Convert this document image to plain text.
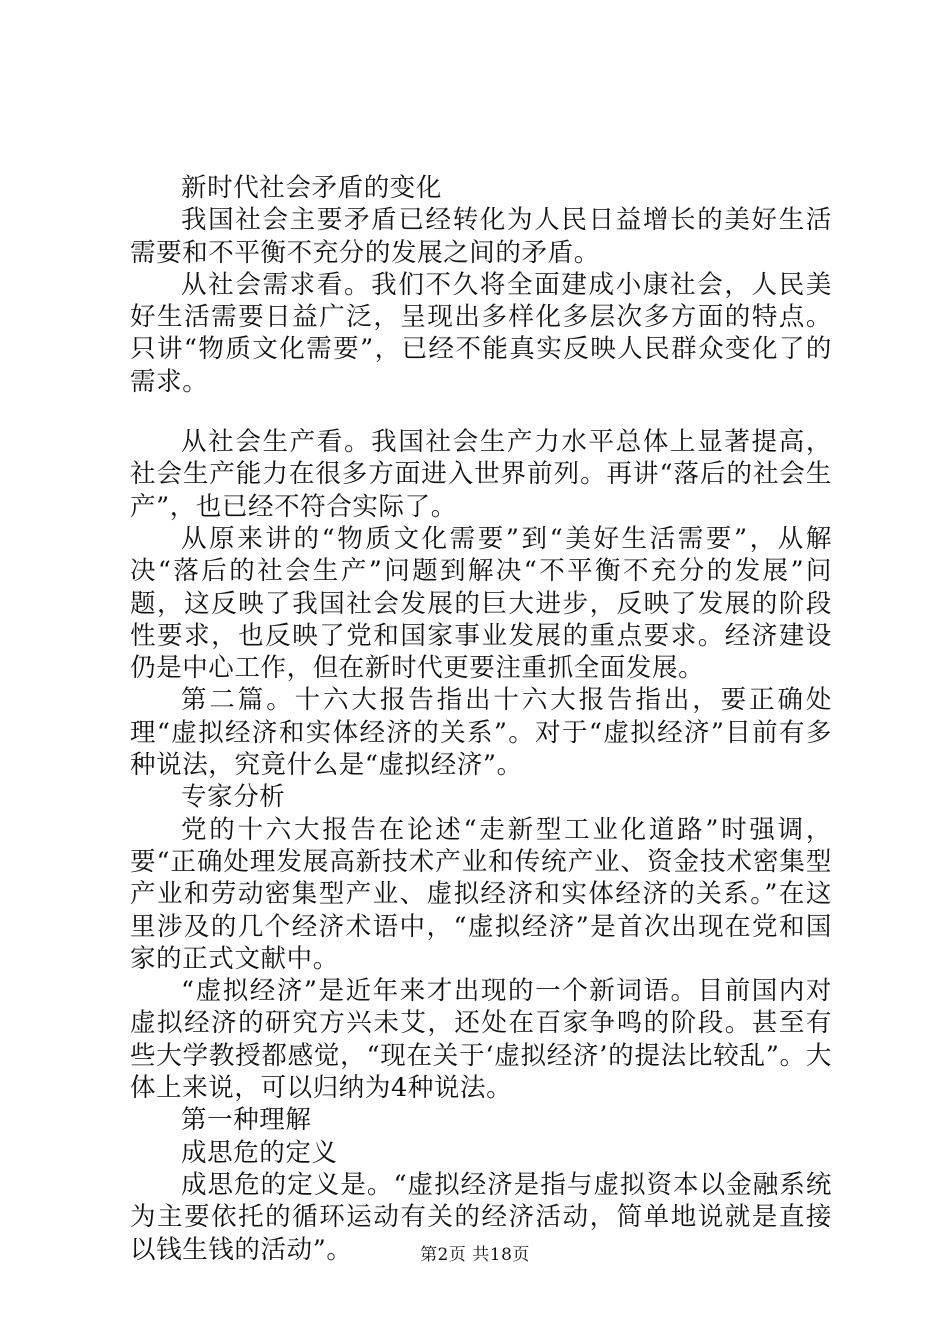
新时代社会矛盾的变化

我国社会主要矛盾已经转化为人民日益增长的美好生活需要和不平衡不充分的发展之间的矛盾。

从社会需求看。我们不久将全面建成小康社会，人民美好生活需要日益广泛，呈现出多样化多层次多方面的特点。只讲“物质文化需要”，已经不能真实反映人民群众变化了的需求。

从社会生产看。我国社会生产力水平总体上显著提高，社会生产能力在很多方面进入世界前列。再讲“落后的社会生产”，也已经不符合实际了。

从原来讲的“物质文化需要”到“美好生活需要”，从解决“落后的社会生产”问题到解决“不平衡不充分的发展”问题，这反映了我国社会发展的巨大进步，反映了发展的阶段性要求，也反映了党和国家事业发展的重点要求。经济建设仍是中心工作，但在新时代更要注重抓全面发展。

第二篇。十六大报告指出十六大报告指出，要正确处理“虚拟经济和实体经济的关系”。对于“虚拟经济”目前有多种说法，究竟什么是“虚拟经济”。

专家分析

党的十六大报告在论述“走新型工业化道路”时强调，要“正确处理发展高新技术产业和传统产业、资金技术密集型产业和劳动密集型产业、虚拟经济和实体经济的关系。”在这里涉及的几个经济术语中，“虚拟经济”是首次出现在党和国家的正式文献中。

“虚拟经济”是近年来才出现的一个新词语。目前国内对虚拟经济的研究方兴未艾，还处在百家争鸣的阶段。甚至有些大学教授都感觉，“现在关于‘虚拟经济’的提法比较乱”。大体上来说，可以归纳为4种说法。

第一种理解

成思危的定义

成思危的定义是。“虚拟经济是指与虚拟资本以金融系统为主要依托的循环运动有关的经济活动，简单地说就是直接以钱生钱的活动”。	第2页 共18页
